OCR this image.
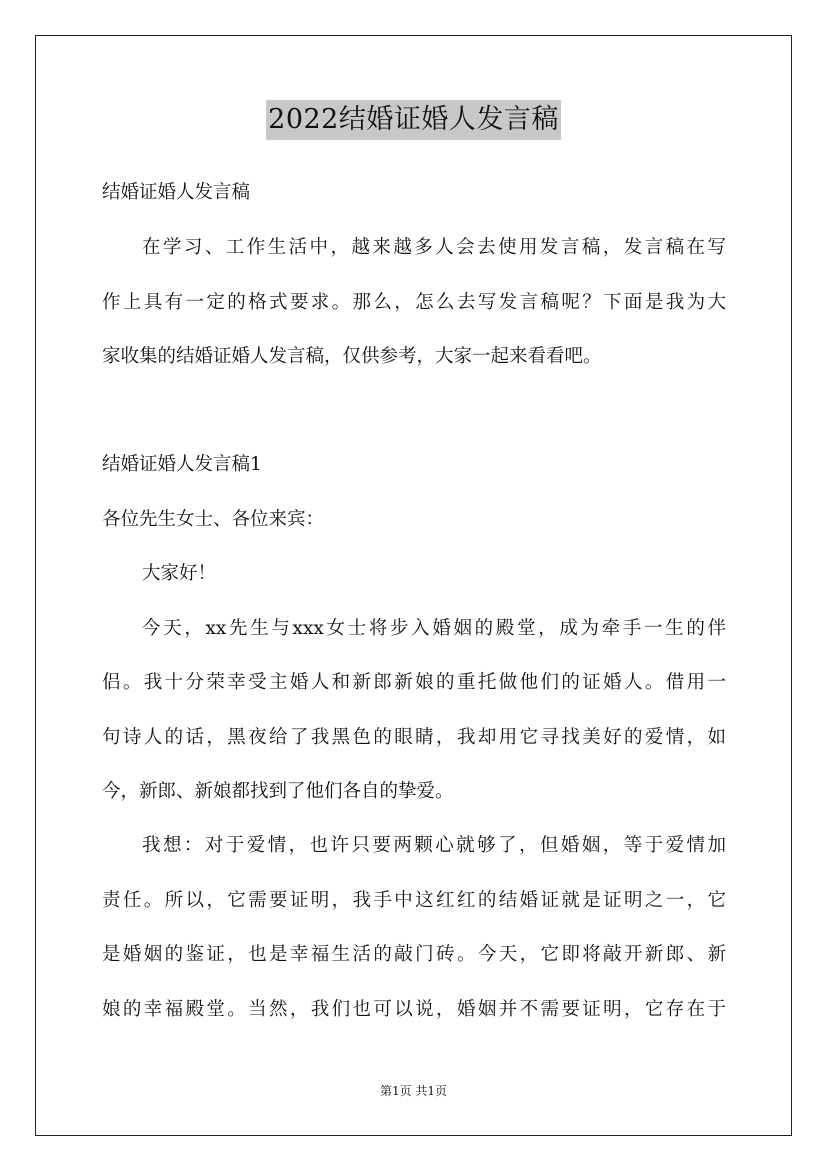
2022结婚证婚人发言稿
结婚证婚人发言稿
在学习、工作生活中，越来越多人会去使用发言稿，发言稿在写
作上具有一定的格式要求。那么，怎么去写发言稿呢？下面是我为大
家收集的结婚证婚人发言稿，仅供参考，大家一起来看看吧。
结婚证婚人发言稿1
各位先生女士、各位来宾：
大家好！
今天，xx先生与xxx女士将步入婚姻的殿堂，成为牵手一生的伴
侣。我十分荣幸受主婚人和新郎新娘的重托做他们的证婚人。借用一
句诗人的话，黑夜给了我黑色的眼睛，我却用它寻找美好的爱情，如
今，新郎、新娘都找到了他们各自的挚爱。
我想：对于爱情，也许只要两颗心就够了，但婚姻，等于爱情加
责任。所以，它需要证明，我手中这红红的结婚证就是证明之一，它
是婚姻的鉴证，也是幸福生活的敲门砖。今天，它即将敲开新郎、新
娘的幸福殿堂。当然，我们也可以说，婚姻并不需要证明，它存在于
第1页 共1页
